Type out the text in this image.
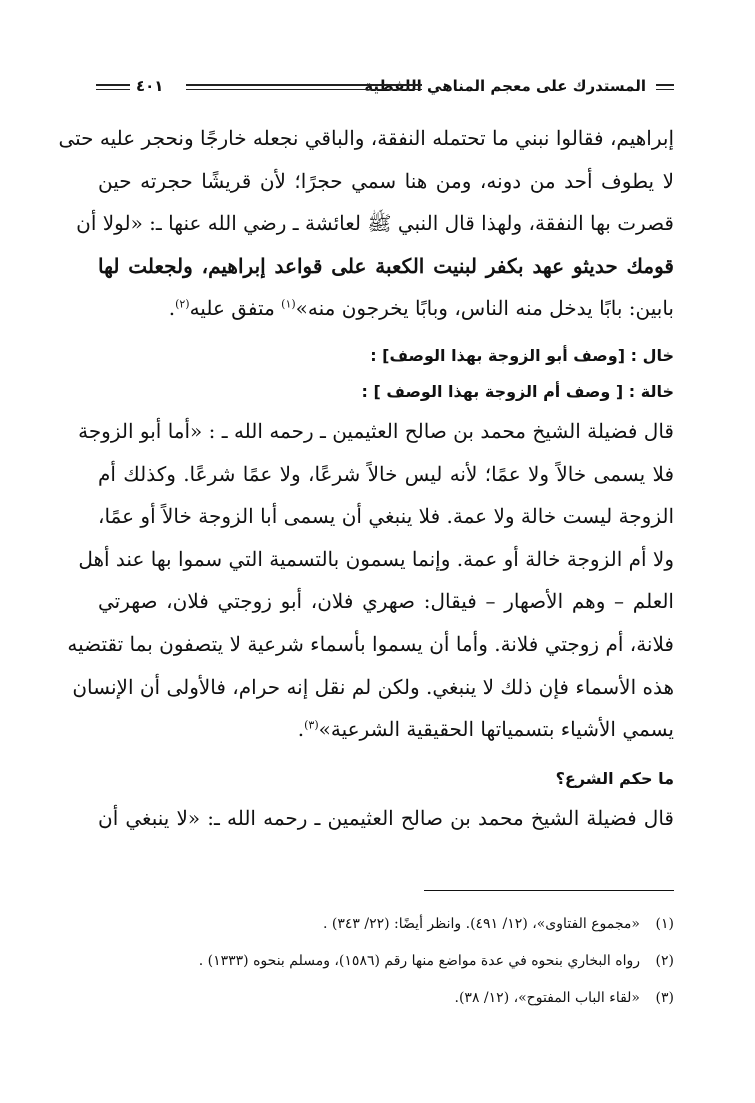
المستدرك على معجم المناهي اللفظية
٤٠١

إبراهيم، فقالوا نبني ما تحتمله النفقة، والباقي نجعله خارجًا ونحجر عليه حتى
لا يطوف أحد من دونه، ومن هنا سمي حجرًا؛ لأن قريشًا حجرته حين
قصرت بها النفقة، ولهذا قال النبي ﷺ لعائشة ـ رضي الله عنها ـ: «لولا أن
قومك حديثو عهد بكفر لبنيت الكعبة على قواعد إبراهيم، ولجعلت لها
بابين: بابًا يدخل منه الناس، وبابًا يخرجون منه»$^{(١)}$ متفق عليه$^{(٢)}$.

خال : [وصف أبو الزوجة بهذا الوصف] :

خالة : [ وصف أم الزوجة بهذا الوصف ] :

قال فضيلة الشيخ محمد بن صالح العثيمين ـ رحمه الله ـ : «أما أبو الزوجة
فلا يسمى خالاً ولا عمًا؛ لأنه ليس خالاً شرعًا، ولا عمًا شرعًا. وكذلك أم
الزوجة ليست خالة ولا عمة. فلا ينبغي أن يسمى أبا الزوجة خالاً أو عمًا،
ولا أم الزوجة خالة أو عمة. وإنما يسمون بالتسمية التي سموا بها عند أهل
العلم – وهم الأصهار – فيقال: صهري فلان، أبو زوجتي فلان، صهرتي
فلانة، أم زوجتي فلانة. وأما أن يسموا بأسماء شرعية لا يتصفون بما تقتضيه
هذه الأسماء فإن ذلك لا ينبغي. ولكن لم نقل إنه حرام، فالأولى أن الإنسان
يسمي الأشياء بتسمياتها الحقيقية الشرعية»$^{(٣)}$.

ما حكم الشرع؟

قال فضيلة الشيخ محمد بن صالح العثيمين ـ رحمه الله ـ: «لا ينبغي أن

(١)«مجموع الفتاوى»، (١٢/ ٤٩١). وانظر أيضًا: (٢٢/ ٣٤٣) .
(٢)رواه البخاري بنحوه في عدة مواضع منها رقم (١٥٨٦)، ومسلم بنحوه (١٣٣٣) .
(٣)«لقاء الباب المفتوح»، (١٢/ ٣٨).
